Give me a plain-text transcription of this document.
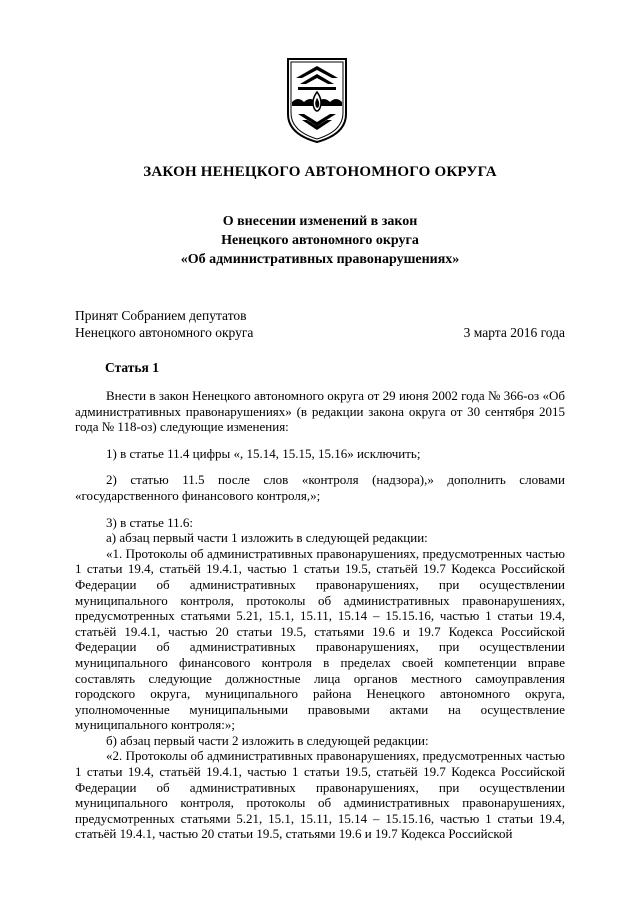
ЗАКОН НЕНЕЦКОГО АВТОНОМНОГО ОКРУГА
О внесении изменений в закон
Ненецкого автономного округа
«Об административных правонарушениях»
Принят Собранием депутатов
Ненецкого автономного округа	3 марта 2016 года
Статья 1

Внести в закон Ненецкого автономного округа от 29 июня 2002 года № 366-оз «Об административных правонарушениях» (в редакции закона округа от 30 сентября 2015 года № 118-оз) следующие изменения:

1) в статье 11.4 цифры «, 15.14, 15.15, 15.16» исключить;

2) статью 11.5 после слов «контроля (надзора),» дополнить словами «государственного финансового контроля,»;

3) в статье 11.6:

а) абзац первый части 1 изложить в следующей редакции:

«1. Протоколы об административных правонарушениях, предусмотренных частью 1 статьи 19.4, статьёй 19.4.1, частью 1 статьи 19.5, статьёй 19.7 Кодекса Российской Федерации об административных правонарушениях, при осуществлении муниципального контроля, протоколы об административных правонарушениях, предусмотренных статьями 5.21, 15.1, 15.11, 15.14 – 15.15.16, частью 1 статьи 19.4, статьёй 19.4.1, частью 20 статьи 19.5, статьями 19.6 и 19.7 Кодекса Российской Федерации об административных правонарушениях, при осуществлении муниципального финансового контроля в пределах своей компетенции вправе составлять следующие должностные лица органов местного самоуправления городского округа, муниципального района Ненецкого автономного округа, уполномоченные муниципальными правовыми актами на осуществление муниципального контроля:»;

б) абзац первый части 2 изложить в следующей редакции:

«2. Протоколы об административных правонарушениях, предусмотренных частью 1 статьи 19.4, статьёй 19.4.1, частью 1 статьи 19.5, статьёй 19.7 Кодекса Российской Федерации об административных правонарушениях, при осуществлении муниципального контроля, протоколы об административных правонарушениях, предусмотренных статьями 5.21, 15.1, 15.11, 15.14 – 15.15.16, частью 1 статьи 19.4, статьёй 19.4.1, частью 20 статьи 19.5, статьями 19.6 и 19.7 Кодекса Российской
